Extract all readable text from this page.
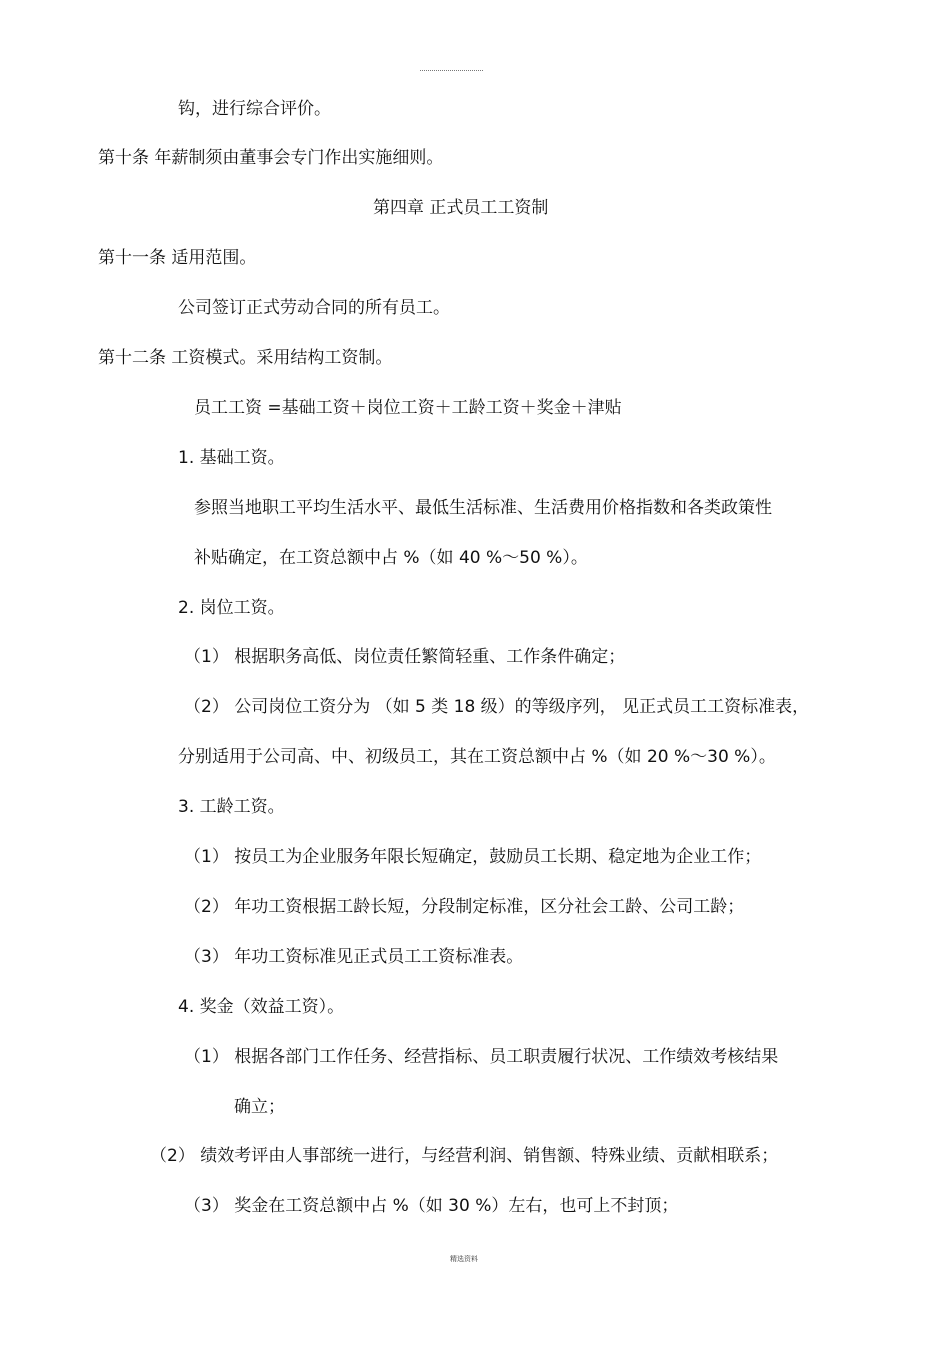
钩，进行综合评价。
第十条 年薪制须由董事会专门作出实施细则。
第四章 正式员工工资制
第十一条 适用范围。
公司签订正式劳动合同的所有员工。
第十二条 工资模式。采用结构工资制。
员工工资 =基础工资＋岗位工资＋工龄工资＋奖金＋津贴
1. 基础工资。
参照当地职工平均生活水平、最低生活标准、生活费用价格指数和各类政策性
补贴确定，在工资总额中占 %（如 40 %～50 %）。
2. 岗位工资。
（1） 根据职务高低、岗位责任繁简轻重、工作条件确定；
（2） 公司岗位工资分为 （如 5 类 18 级）的等级序列， 见正式员工工资标准表，
分别适用于公司高、中、初级员工，其在工资总额中占 %（如 20 %～30 %）。
3. 工龄工资。
（1） 按员工为企业服务年限长短确定，鼓励员工长期、稳定地为企业工作；
（2） 年功工资根据工龄长短，分段制定标准，区分社会工龄、公司工龄；
（3） 年功工资标准见正式员工工资标准表。
4. 奖金（效益工资）。
（1） 根据各部门工作任务、经营指标、员工职责履行状况、工作绩效考核结果
确立；
（2） 绩效考评由人事部统一进行，与经营利润、销售额、特殊业绩、贡献相联系；
（3） 奖金在工资总额中占 %（如 30 %）左右，也可上不封顶；
精选资料
